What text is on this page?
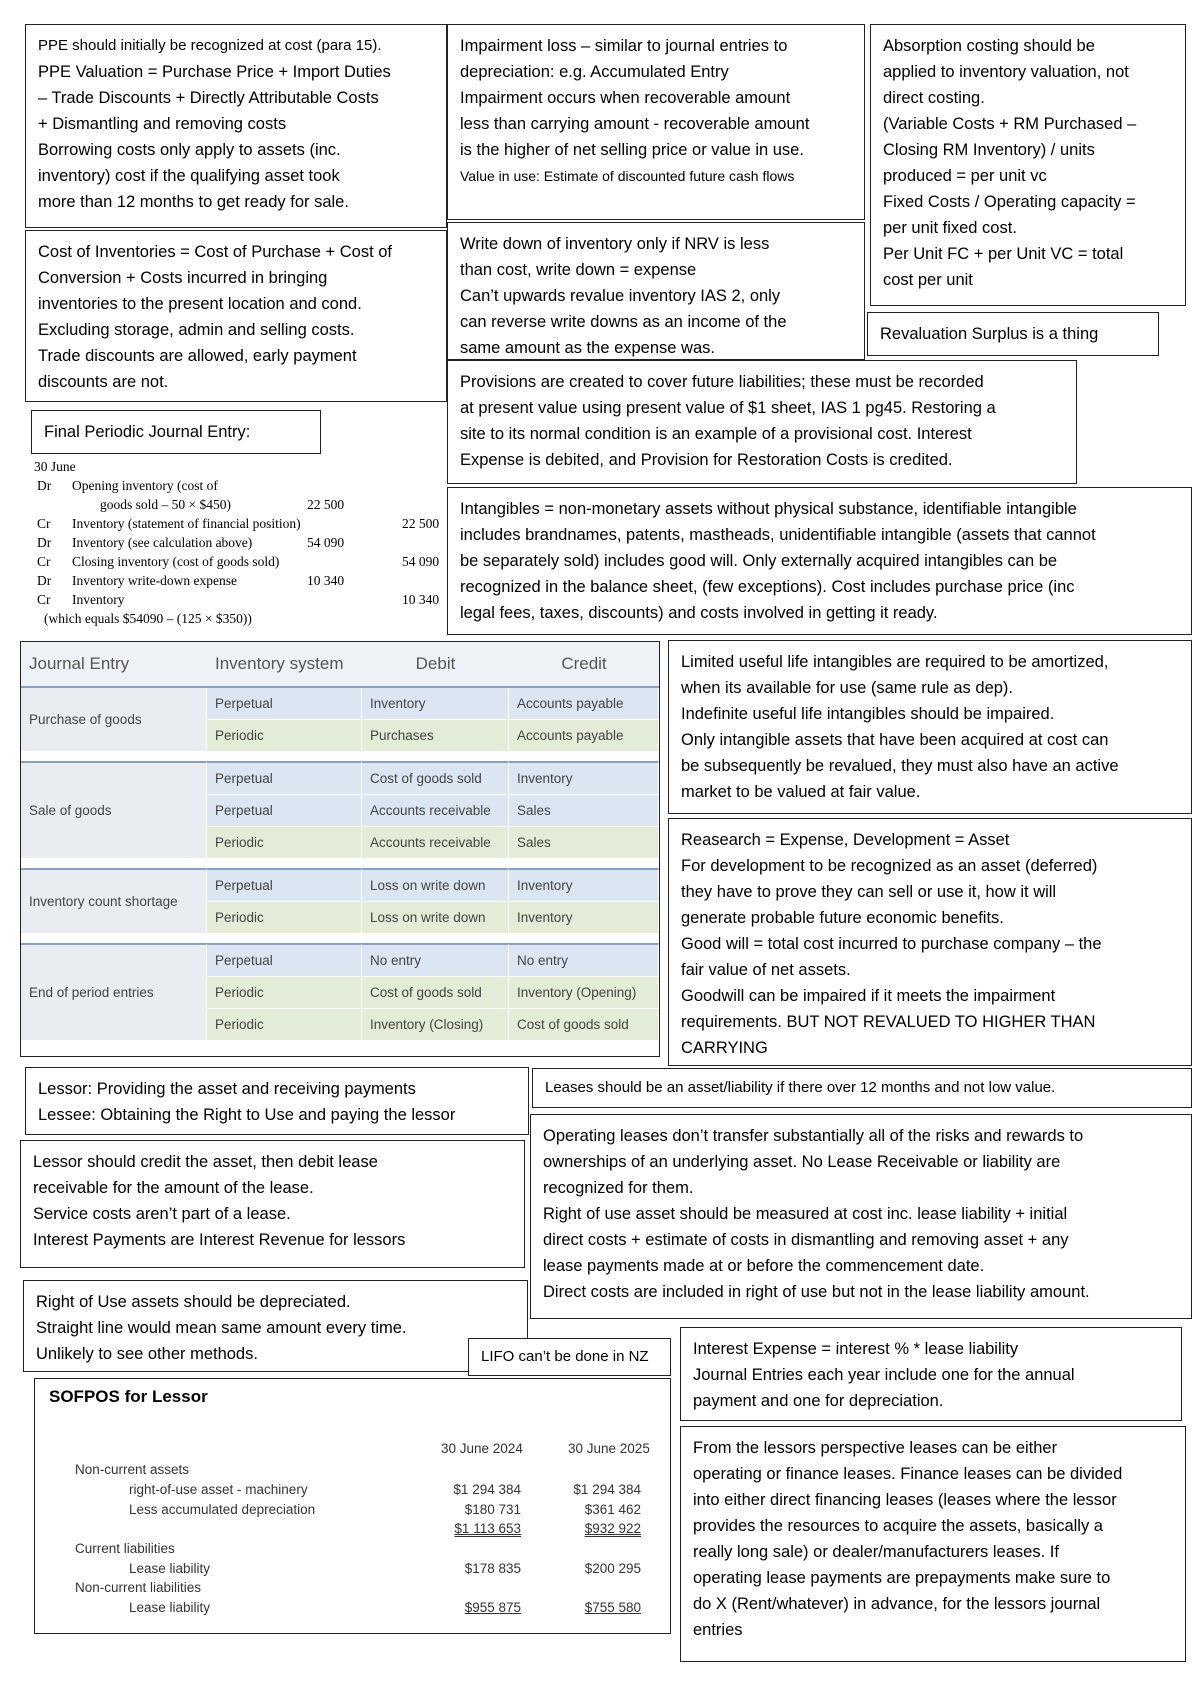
PPE should initially be recognized at cost (para 15).
PPE Valuation = Purchase Price + Import Duties
– Trade Discounts + Directly Attributable Costs
+ Dismantling and removing costs
Borrowing costs only apply to assets (inc.
inventory) cost if the qualifying asset took
more than 12 months to get ready for sale.
Impairment loss – similar to journal entries to
depreciation: e.g. Accumulated Entry
Impairment occurs when recoverable amount
less than carrying amount - recoverable amount
is the higher of net selling price or value in use.
Value in use: Estimate of discounted future cash flows
Absorption costing should be
applied to inventory valuation, not
direct costing.
(Variable Costs + RM Purchased –
Closing RM Inventory) / units
produced = per unit vc
Fixed Costs / Operating capacity =
per unit fixed cost.
Per Unit FC + per Unit VC = total
cost per unit
Cost of Inventories = Cost of Purchase + Cost of
Conversion + Costs incurred in bringing
inventories to the present location and cond.
Excluding storage, admin and selling costs.
Trade discounts are allowed, early payment
discounts are not.
Write down of inventory only if NRV is less
than cost, write down = expense
Can’t upwards revalue inventory IAS 2, only
can reverse write downs as an income of the
same amount as the expense was.
Revaluation Surplus is a thing
Provisions are created to cover future liabilities; these must be recorded
at present value using present value of $1 sheet, IAS 1 pg45. Restoring a
site to its normal condition is an example of a provisional cost. Interest
Expense is debited, and Provision for Restoration Costs is credited.
Final Periodic Journal Entry:
30 June
Dr Opening inventory (cost of
goods sold – 50 × $450)	22 500
Cr Inventory (statement of financial position)	22 500
Dr Inventory (see calculation above)	54 090
Cr Closing inventory (cost of goods sold)	54 090
Dr Inventory write-down expense	10 340
Cr Inventory	10 340
(which equals $54090 – (125 × $350))
Intangibles = non-monetary assets without physical substance, identifiable intangible
includes brandnames, patents, mastheads, unidentifiable intangible (assets that cannot
be separately sold) includes good will. Only externally acquired intangibles can be
recognized in the balance sheet, (few exceptions). Cost includes purchase price (inc
legal fees, taxes, discounts) and costs involved in getting it ready.
Journal Entry	Inventory system	Debit	Credit
Purchase of goods	Perpetual	Inventory	Accounts payable
	Periodic	Purchases	Accounts payable

Sale of goods	Perpetual	Cost of goods sold	Inventory
	Perpetual	Accounts receivable	Sales
	Periodic	Accounts receivable	Sales

Inventory count shortage	Perpetual	Loss on write down	Inventory
	Periodic	Loss on write down	Inventory

End of period entries	Perpetual	No entry	No entry
	Periodic	Cost of goods sold	Inventory (Opening)
	Periodic	Inventory (Closing)	Cost of goods sold
Limited useful life intangibles are required to be amortized,
when its available for use (same rule as dep).
Indefinite useful life intangibles should be impaired.
Only intangible assets that have been acquired at cost can
be subsequently be revalued, they must also have an active
market to be valued at fair value.
Reasearch = Expense, Development = Asset
For development to be recognized as an asset (deferred)
they have to prove they can sell or use it, how it will
generate probable future economic benefits.
Good will = total cost incurred to purchase company – the
fair value of net assets.
Goodwill can be impaired if it meets the impairment
requirements. BUT NOT REVALUED TO HIGHER THAN
CARRYING
Lessor: Providing the asset and receiving payments
Lessee: Obtaining the Right to Use and paying the lessor
Leases should be an asset/liability if there over 12 months and not low value.
Lessor should credit the asset, then debit lease
receivable for the amount of the lease.
Service costs aren’t part of a lease.
Interest Payments are Interest Revenue for lessors
Operating leases don’t transfer substantially all of the risks and rewards to
ownerships of an underlying asset. No Lease Receivable or liability are
recognized for them.
Right of use asset should be measured at cost inc. lease liability + initial
direct costs + estimate of costs in dismantling and removing asset + any
lease payments made at or before the commencement date.
Direct costs are included in right of use but not in the lease liability amount.
Right of Use assets should be depreciated.
Straight line would mean same amount every time.
Unlikely to see other methods.	LIFO can’t be done in NZ	Interest Expense = interest % * lease liability
Journal Entries each year include one for the annual
payment and one for depreciation.
SOFPOS for Lessor
30 June 2024	30 June 2025
Non-current assets
right-of-use asset - machinery	$1 294 384	$1 294 384
Less accumulated depreciation	$180 731	$361 462
$1 113 653	$932 922
Current liabilities
Lease liability	$178 835	$200 295
Non-current liabilities
Lease liability	$955 875	$755 580
From the lessors perspective leases can be either
operating or finance leases. Finance leases can be divided
into either direct financing leases (leases where the lessor
provides the resources to acquire the assets, basically a
really long sale) or dealer/manufacturers leases. If
operating lease payments are prepayments make sure to
do X (Rent/whatever) in advance, for the lessors journal
entries
